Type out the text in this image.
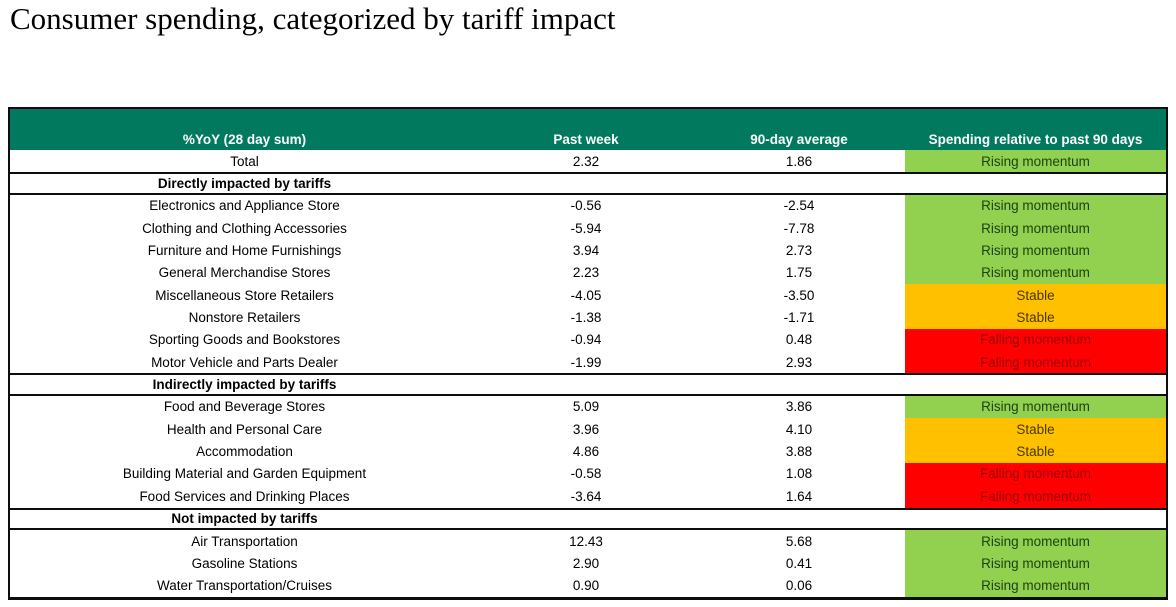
Consumer spending, categorized by tariff impact
%YoY (28 day sum)	Past week	90-day average	Spending relative to past 90 days
Total	2.32	1.86	Rising momentum
Directly impacted by tariffs
Electronics and Appliance Store	-0.56	-2.54	Rising momentum
Clothing and Clothing Accessories	-5.94	-7.78	Rising momentum
Furniture and Home Furnishings	3.94	2.73	Rising momentum
General Merchandise Stores	2.23	1.75	Rising momentum
Miscellaneous Store Retailers	-4.05	-3.50	Stable
Nonstore Retailers	-1.38	-1.71	Stable
Sporting Goods and Bookstores	-0.94	0.48	Falling momentum
Motor Vehicle and Parts Dealer	-1.99	2.93	Falling momentum
Indirectly impacted by tariffs
Food and Beverage Stores	5.09	3.86	Rising momentum
Health and Personal Care	3.96	4.10	Stable
Accommodation	4.86	3.88	Stable
Building Material and Garden Equipment	-0.58	1.08	Falling momentum
Food Services and Drinking Places	-3.64	1.64	Falling momentum
Not impacted by tariffs
Air Transportation	12.43	5.68	Rising momentum
Gasoline Stations	2.90	0.41	Rising momentum
Water Transportation/Cruises	0.90	0.06	Rising momentum
